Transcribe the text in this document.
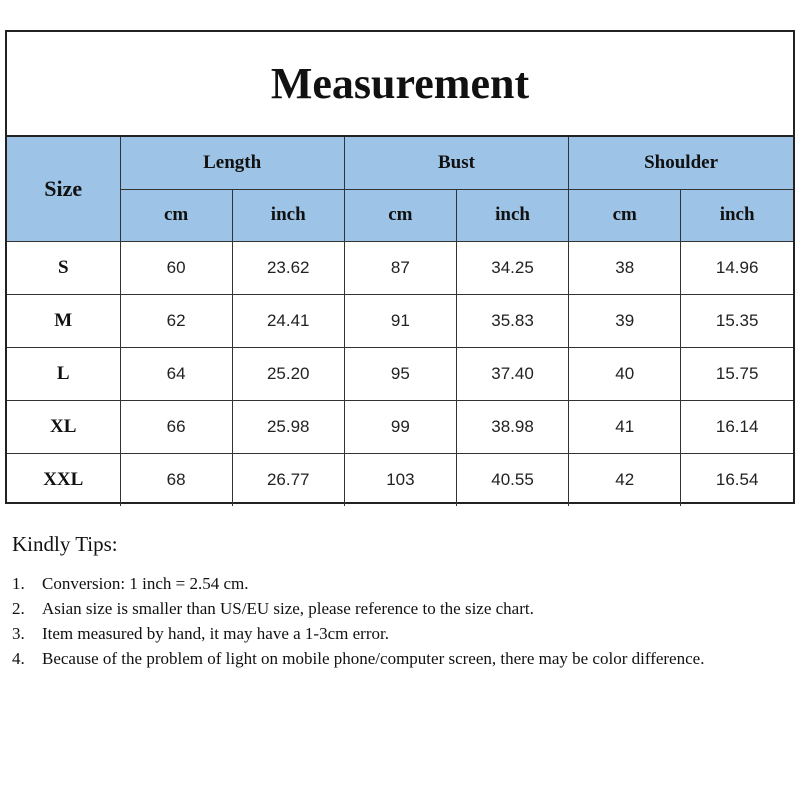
Measurement
Size	Length		Bust		Shoulder	
	cm	inch	cm	inch	cm	inch
S	60	23.62	87	34.25	38	14.96
M	62	24.41	91	35.83	39	15.35
L	64	25.20	95	37.40	40	15.75
XL	66	25.98	99	38.98	41	16.14
XXL	68	26.77	103	40.55	42	16.54

Kindly Tips:

1.	Conversion: 1 inch = 2.54 cm.
2.	Asian size is smaller than US/EU size, please reference to the size chart.
3.	Item measured by hand, it may have a 1-3cm error.
4.	Because of the problem of light on mobile phone/computer screen, there may be color difference.
